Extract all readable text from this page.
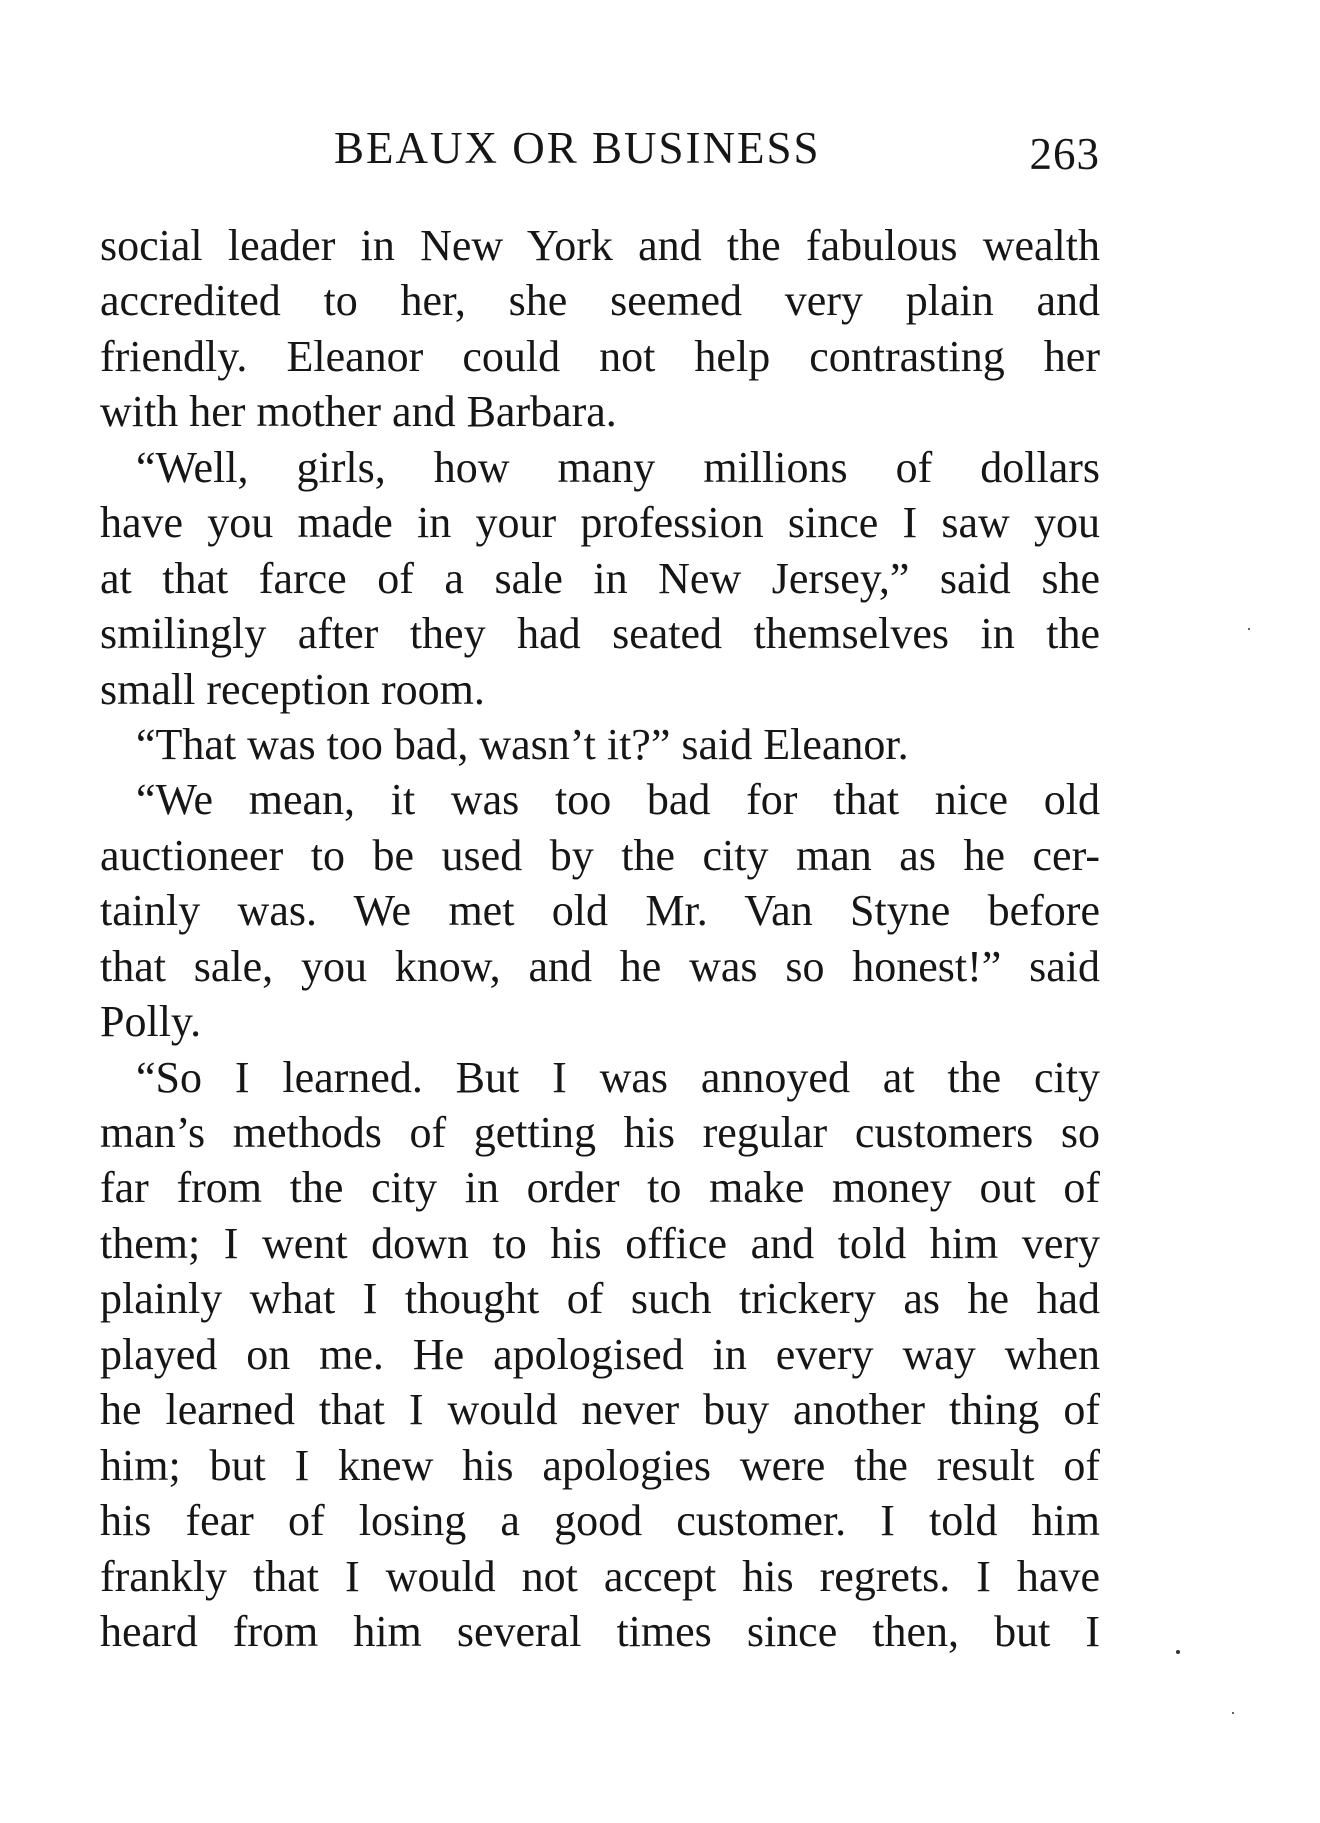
BEAUX OR BUSINESS	263
social leader in New York and the fabulous wealth
accredited to her, she seemed very plain and
friendly. Eleanor could not help contrasting her
with her mother and Barbara.
“Well, girls, how many millions of dollars
have you made in your profession since I saw you
at that farce of a sale in New Jersey,” said she
smilingly after they had seated themselves in the
small reception room.
“That was too bad, wasn’t it?” said Eleanor.
“We mean, it was too bad for that nice old
auctioneer to be used by the city man as he cer-
tainly was. We met old Mr. Van Styne before
that sale, you know, and he was so honest!” said
Polly.
“So I learned. But I was annoyed at the city
man’s methods of getting his regular customers so
far from the city in order to make money out of
them; I went down to his office and told him very
plainly what I thought of such trickery as he had
played on me. He apologised in every way when
he learned that I would never buy another thing of
him; but I knew his apologies were the result of
his fear of losing a good customer. I told him
frankly that I would not accept his regrets. I have
heard from him several times since then, but I
